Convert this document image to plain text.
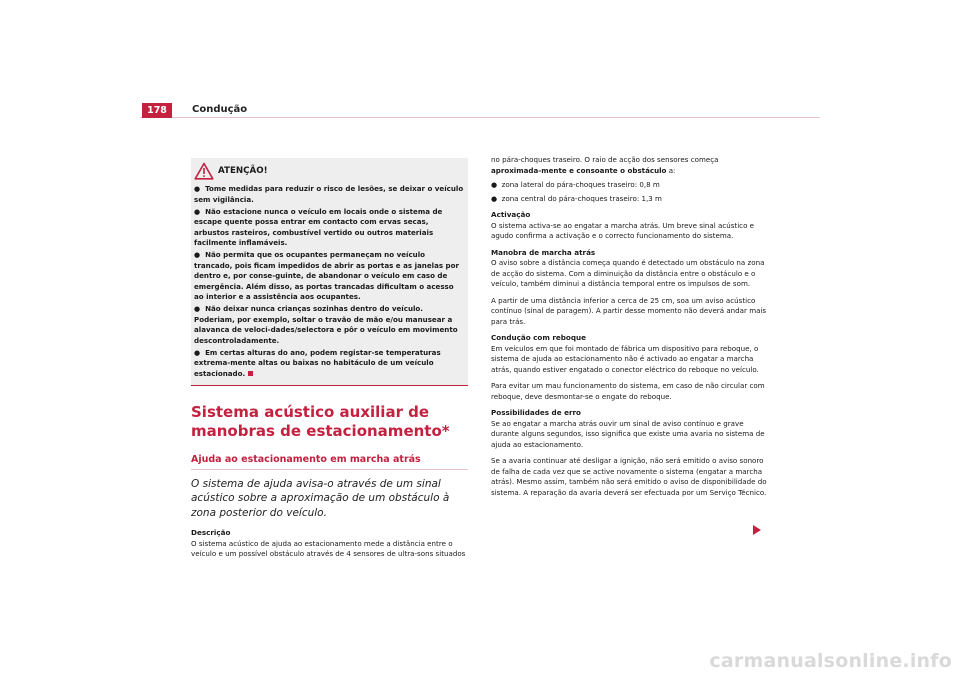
178	Condução
ATENÇÃO!
● Tome medidas para reduzir o risco de lesões, se deixar o veículo sem vigilância.
● Não estacione nunca o veículo em locais onde o sistema de escape quente possa entrar em contacto com ervas secas, arbustos rasteiros, combustível vertido ou outros materiais facilmente inflamáveis.
● Não permita que os ocupantes permaneçam no veículo trancado, pois ficam impedidos de abrir as portas e as janelas por dentro e, por conse-guinte, de abandonar o veículo em caso de emergência. Além disso, as portas trancadas dificultam o acesso ao interior e a assistência aos ocupantes.
● Não deixar nunca crianças sozinhas dentro do veículo. Poderiam, por exemplo, soltar o travão de mão e/ou manusear a alavanca de veloci-dades/selectora e pôr o veículo em movimento descontroladamente.
● Em certas alturas do ano, podem registar-se temperaturas extrema-mente altas ou baixas no habitáculo de um veículo estacionado.
Sistema acústico auxiliar de manobras de estacionamento*
Ajuda ao estacionamento em marcha atrás
O sistema de ajuda avisa-o através de um sinal acústico sobre a aproximação de um obstáculo à zona posterior do veículo.
Descrição
O sistema acústico de ajuda ao estacionamento mede a distância entre o veículo e um possível obstáculo através de 4 sensores de ultra-sons situados
no pára-choques traseiro. O raio de acção dos sensores começa aproximada-mente e consoante o obstáculo a:
● zona lateral do pára-choques traseiro: 0,8 m
● zona central do pára-choques traseiro: 1,3 m
Activação
O sistema activa-se ao engatar a marcha atrás. Um breve sinal acústico e agudo confirma a activação e o correcto funcionamento do sistema.
Manobra de marcha atrás
O aviso sobre a distância começa quando é detectado um obstáculo na zona de acção do sistema. Com a diminuição da distância entre o obstáculo e o veículo, também diminui a distância temporal entre os impulsos de som.
A partir de uma distância inferior a cerca de 25 cm, soa um aviso acústico contínuo (sinal de paragem). A partir desse momento não deverá andar mais para trás.
Condução com reboque
Em veículos em que foi montado de fábrica um dispositivo para reboque, o sistema de ajuda ao estacionamento não é activado ao engatar a marcha atrás, quando estiver engatado o conector eléctrico do reboque no veículo.
Para evitar um mau funcionamento do sistema, em caso de não circular com reboque, deve desmontar-se o engate do reboque.
Possibilidades de erro
Se ao engatar a marcha atrás ouvir um sinal de aviso contínuo e grave durante alguns segundos, isso significa que existe uma avaria no sistema de ajuda ao estacionamento.
Se a avaria continuar até desligar a ignição, não será emitido o aviso sonoro de falha de cada vez que se active novamente o sistema (engatar a marcha atrás). Mesmo assim, também não será emitido o aviso de disponibilidade do sistema. A reparação da avaria deverá ser efectuada por um Serviço Técnico.
carmanualsonline.info
